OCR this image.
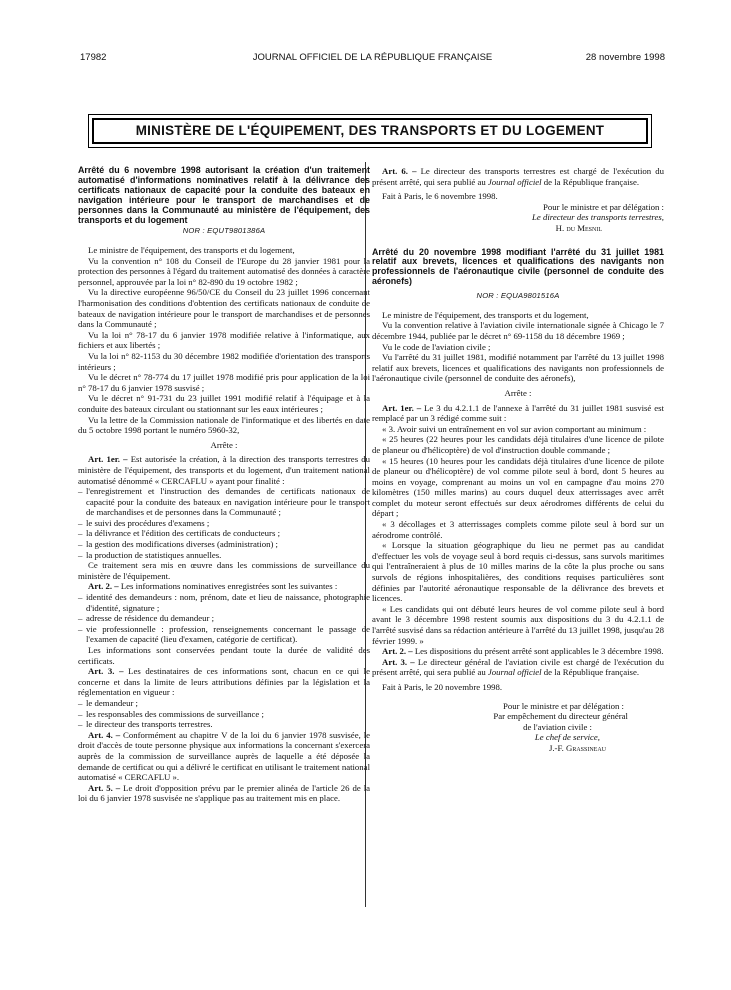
17982	JOURNAL OFFICIEL DE LA RÉPUBLIQUE FRANÇAISE	28 novembre 1998
MINISTÈRE DE L'ÉQUIPEMENT, DES TRANSPORTS ET DU LOGEMENT

Arrêté du 6 novembre 1998 autorisant la création d'un traitement automatisé d'informations nominatives relatif à la délivrance des certificats nationaux de capacité pour la conduite des bateaux en navigation intérieure pour le transport de marchandises et de personnes dans la Communauté au ministère de l'équipement, des transports et du logement

NOR : EQUT9801386A

Le ministre de l'équipement, des transports et du logement,

Vu la convention n° 108 du Conseil de l'Europe du 28 janvier 1981 pour la protection des personnes à l'égard du traitement automatisé des données à caractère personnel, approuvée par la loi n° 82-890 du 19 octobre 1982 ;

Vu la directive européenne 96/50/CE du Conseil du 23 juillet 1996 concernant l'harmonisation des conditions d'obtention des certificats nationaux de conduite de bateaux de navigation intérieure pour le transport de marchandises et de personnes dans la Communauté ;

Vu la loi n° 78-17 du 6 janvier 1978 modifiée relative à l'informatique, aux fichiers et aux libertés ;

Vu la loi n° 82-1153 du 30 décembre 1982 modifiée d'orientation des transports intérieurs ;

Vu le décret n° 78-774 du 17 juillet 1978 modifié pris pour application de la loi n° 78-17 du 6 janvier 1978 susvisé ;

Vu le décret n° 91-731 du 23 juillet 1991 modifié relatif à l'équipage et à la conduite des bateaux circulant ou stationnant sur les eaux intérieures ;

Vu la lettre de la Commission nationale de l'informatique et des libertés en date du 5 octobre 1998 portant le numéro 5960-32,

Arrête :

Art. 1er. – Est autorisée la création, à la direction des transports terrestres du ministère de l'équipement, des transports et du logement, d'un traitement national automatisé dénommé « CERCAFLU » ayant pour finalité :

– l'enregistrement et l'instruction des demandes de certificats nationaux de capacité pour la conduite des bateaux en navigation intérieure pour le transport de marchandises et de personnes dans la Communauté ;

– le suivi des procédures d'examens ;

– la délivrance et l'édition des certificats de conducteurs ;

– la gestion des modifications diverses (administration) ;

– la production de statistiques annuelles.

Ce traitement sera mis en œuvre dans les commissions de surveillance du ministère de l'équipement.

Art. 2. – Les informations nominatives enregistrées sont les suivantes :

– identité des demandeurs : nom, prénom, date et lieu de naissance, photographie d'identité, signature ;

– adresse de résidence du demandeur ;

– vie professionnelle : profession, renseignements concernant le passage de l'examen de capacité (lieu d'examen, catégorie de certificat).

Les informations sont conservées pendant toute la durée de validité des certificats.

Art. 3. – Les destinataires de ces informations sont, chacun en ce qui le concerne et dans la limite de leurs attributions définies par la législation et la réglementation en vigueur :

– le demandeur ;

– les responsables des commissions de surveillance ;

– le directeur des transports terrestres.

Art. 4. – Conformément au chapitre V de la loi du 6 janvier 1978 susvisée, le droit d'accès de toute personne physique aux informations la concernant s'exercera auprès de la commission de surveillance auprès de laquelle a été déposée la demande de certificat ou qui a délivré le certificat en utilisant le traitement national automatisé « CERCAFLU ».

Art. 5. – Le droit d'opposition prévu par le premier alinéa de l'article 26 de la loi du 6 janvier 1978 susvisée ne s'applique pas au traitement mis en place.

Art. 6. – Le directeur des transports terrestres est chargé de l'exécution du présent arrêté, qui sera publié au Journal officiel de la République française.

Fait à Paris, le 6 novembre 1998.

Pour le ministre et par délégation :

Le directeur des transports terrestres,

H. du Mesnil

Arrêté du 20 novembre 1998 modifiant l'arrêté du 31 juillet 1981 relatif aux brevets, licences et qualifications des navigants non professionnels de l'aéronautique civile (personnel de conduite des aéronefs)

NOR : EQUA9801516A

Le ministre de l'équipement, des transports et du logement,

Vu la convention relative à l'aviation civile internationale signée à Chicago le 7 décembre 1944, publiée par le décret n° 69-1158 du 18 décembre 1969 ;

Vu le code de l'aviation civile ;

Vu l'arrêté du 31 juillet 1981, modifié notamment par l'arrêté du 13 juillet 1998 relatif aux brevets, licences et qualifications des navigants non professionnels de l'aéronautique civile (personnel de conduite des aéronefs),

Arrête :

Art. 1er. – Le 3 du 4.2.1.1 de l'annexe à l'arrêté du 31 juillet 1981 susvisé est remplacé par un 3 rédigé comme suit :

« 3. Avoir suivi un entraînement en vol sur avion comportant au minimum :

« 25 heures (22 heures pour les candidats déjà titulaires d'une licence de pilote de planeur ou d'hélicoptère) de vol d'instruction double commande ;

« 15 heures (10 heures pour les candidats déjà titulaires d'une licence de pilote de planeur ou d'hélicoptère) de vol comme pilote seul à bord, dont 5 heures au moins en voyage, comprenant au moins un vol en campagne d'au moins 270 kilomètres (150 milles marins) au cours duquel deux atterrissages avec arrêt complet du moteur seront effectués sur deux aérodromes différents de celui du départ ;

« 3 décollages et 3 atterrissages complets comme pilote seul à bord sur un aérodrome contrôlé.

« Lorsque la situation géographique du lieu ne permet pas au candidat d'effectuer les vols de voyage seul à bord requis ci-dessus, sans survols maritimes qui l'entraîneraient à plus de 10 milles marins de la côte la plus proche ou sans survols de régions inhospitalières, des conditions requises particulières sont définies par l'autorité aéronautique responsable de la délivrance des brevets et licences.

« Les candidats qui ont débuté leurs heures de vol comme pilote seul à bord avant le 3 décembre 1998 restent soumis aux dispositions du 3 du 4.2.1.1 de l'arrêté susvisé dans sa rédaction antérieure à l'arrêté du 13 juillet 1998, jusqu'au 28 février 1999. »

Art. 2. – Les dispositions du présent arrêté sont applicables le 3 décembre 1998.

Art. 3. – Le directeur général de l'aviation civile est chargé de l'exécution du présent arrêté, qui sera publié au Journal officiel de la République française.

Fait à Paris, le 20 novembre 1998.

Pour le ministre et par délégation :

Par empêchement du directeur général

de l'aviation civile :

Le chef de service,

J.-F. Grassineau
